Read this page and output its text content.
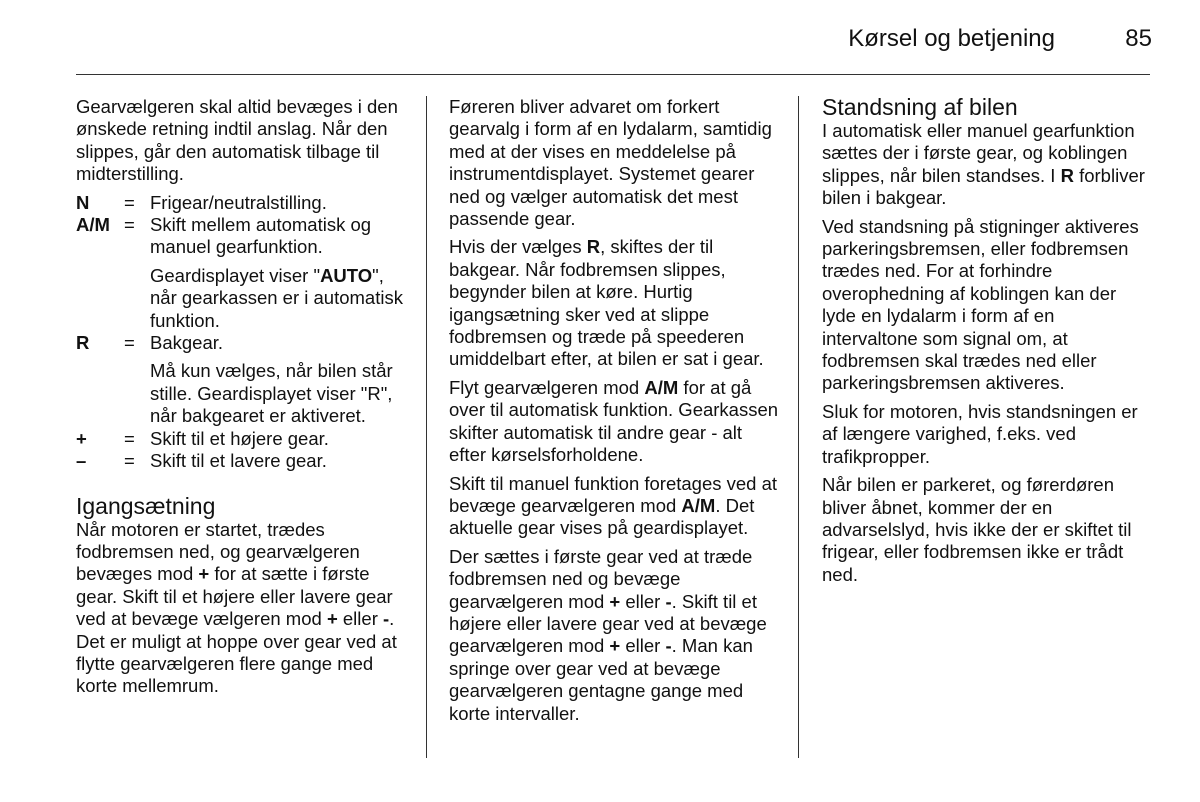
Kørsel og betjening	85

Gearvælgeren skal altid bevæges i den ønskede retning indtil anslag. Når den slippes, går den automatisk tilbage til midterstilling.

N	= Frigear/neutralstilling.
A/M = Skift mellem automatisk og manuel gearfunktion.
Geardisplayet viser "AUTO", når gearkassen er i automatisk funktion.
R	= Bakgear.
Må kun vælges, når bilen står stille. Geardisplayet viser "R", når bakgearet er aktiveret.
+	= Skift til et højere gear.
–	= Skift til et lavere gear.
Igangsætning

Når motoren er startet, trædes fodbremsen ned, og gearvælgeren bevæges mod + for at sætte i første gear. Skift til et højere eller lavere gear ved at bevæge vælgeren mod + eller -. Det er muligt at hoppe over gear ved at flytte gearvælgeren flere gange med korte mellemrum.

Føreren bliver advaret om forkert gearvalg i form af en lydalarm, samtidig med at der vises en meddelelse på instrumentdisplayet. Systemet gearer ned og vælger automatisk det mest passende gear.

Hvis der vælges R, skiftes der til bakgear. Når fodbremsen slippes, begynder bilen at køre. Hurtig igangsætning sker ved at slippe fodbremsen og træde på speederen umiddelbart efter, at bilen er sat i gear.

Flyt gearvælgeren mod A/M for at gå over til automatisk funktion. Gearkassen skifter automatisk til andre gear - alt efter kørselsforholdene.

Skift til manuel funktion foretages ved at bevæge gearvælgeren mod A/M. Det aktuelle gear vises på geardisplayet.

Der sættes i første gear ved at træde fodbremsen ned og bevæge gearvælgeren mod + eller -. Skift til et højere eller lavere gear ved at bevæge gearvælgeren mod + eller -. Man kan springe over gear ved at bevæge gearvælgeren gentagne gange med korte intervaller.

Standsning af bilen

I automatisk eller manuel gearfunktion sættes der i første gear, og koblingen slippes, når bilen standses. I R forbliver bilen i bakgear.

Ved standsning på stigninger aktiveres parkeringsbremsen, eller fodbremsen trædes ned. For at forhindre overophedning af koblingen kan der lyde en lydalarm i form af en intervaltone som signal om, at fodbremsen skal trædes ned eller parkeringsbremsen aktiveres.

Sluk for motoren, hvis standsningen er af længere varighed, f.eks. ved trafikpropper.

Når bilen er parkeret, og førerdøren bliver åbnet, kommer der en advarselslyd, hvis ikke der er skiftet til frigear, eller fodbremsen ikke er trådt ned.
